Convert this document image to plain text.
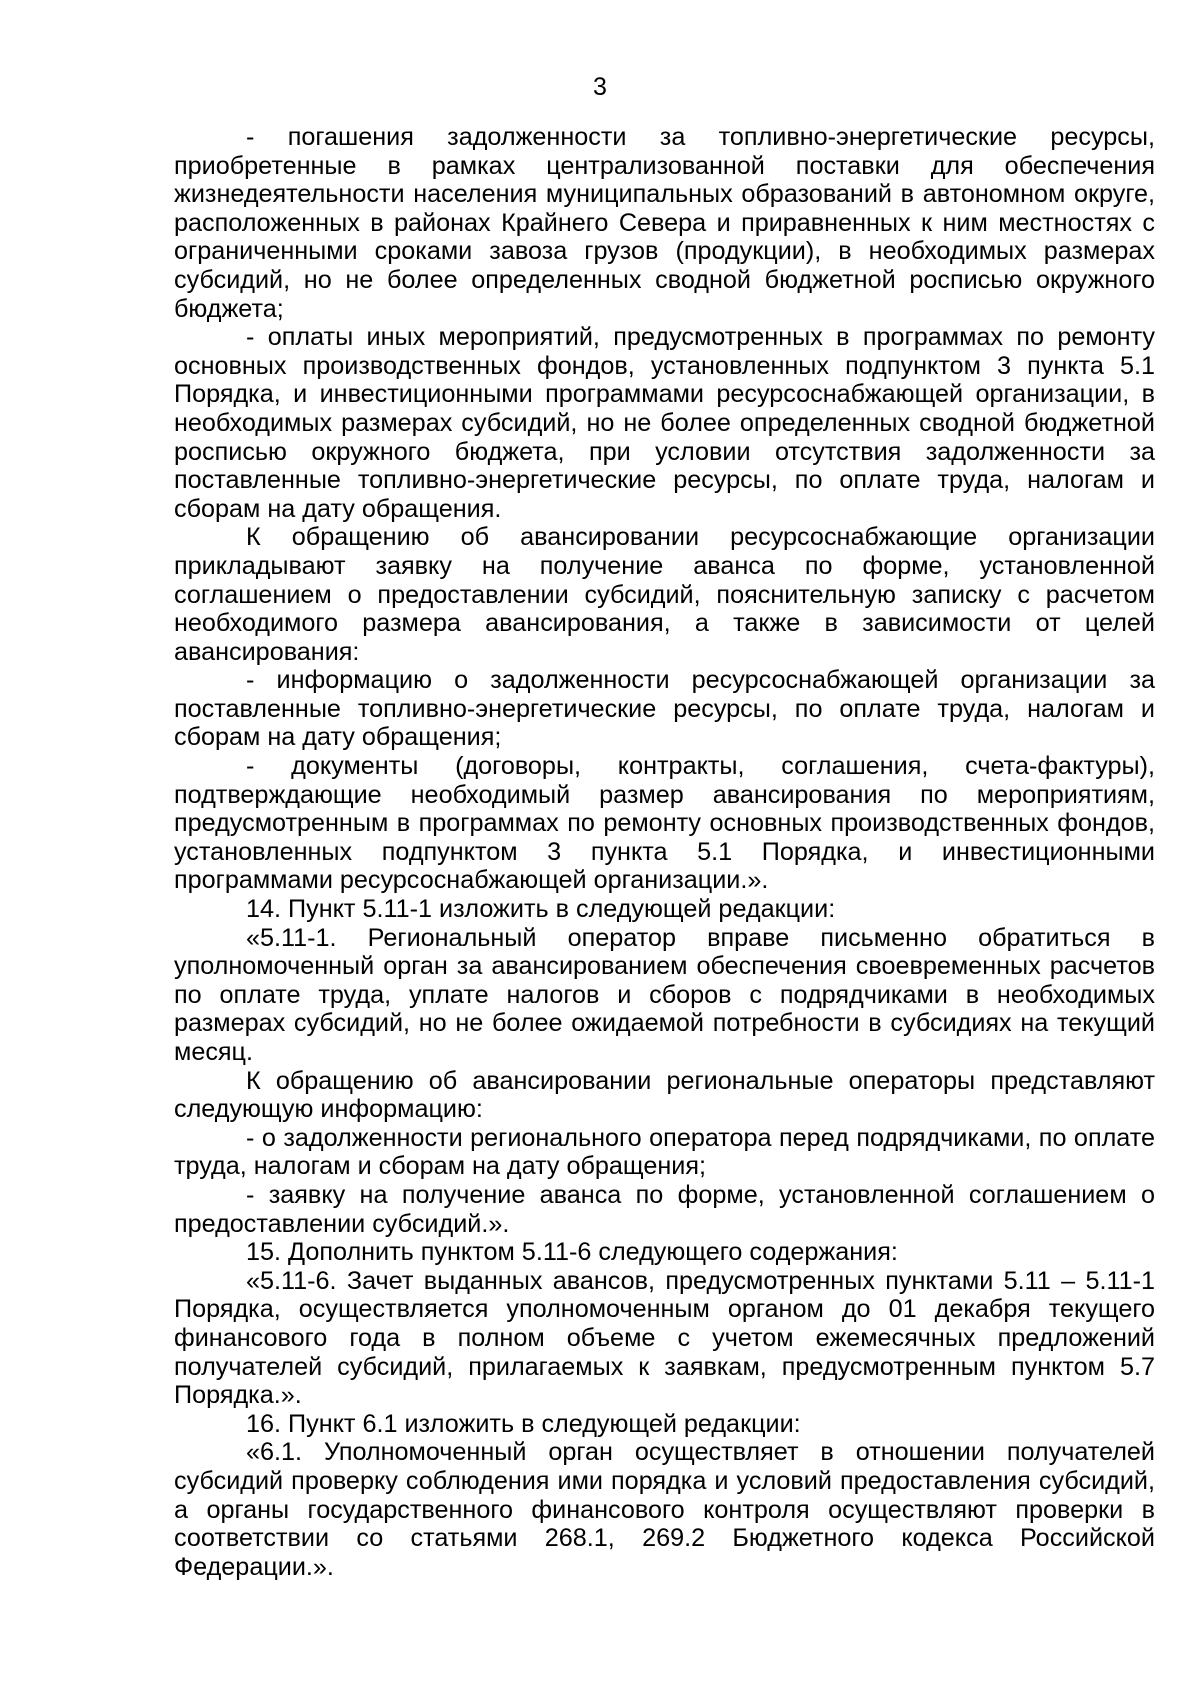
3

- погашения задолженности за топливно-энергетические ресурсы, приобретенные в рамках централизованной поставки для обеспечения жизнедеятельности населения муниципальных образований в автономном округе, расположенных в районах Крайнего Севера и приравненных к ним местностях с ограниченными сроками завоза грузов (продукции), в необходимых размерах субсидий, но не более определенных сводной бюджетной росписью окружного бюджета;

- оплаты иных мероприятий, предусмотренных в программах по ремонту основных производственных фондов, установленных подпунктом 3 пункта 5.1 Порядка, и инвестиционными программами ресурсоснабжающей организации, в необходимых размерах субсидий, но не более определенных сводной бюджетной росписью окружного бюджета, при условии отсутствия задолженности за поставленные топливно-энергетические ресурсы, по оплате труда, налогам и сборам на дату обращения.

К обращению об авансировании ресурсоснабжающие организации прикладывают заявку на получение аванса по форме, установленной соглашением о предоставлении субсидий, пояснительную записку с расчетом необходимого размера авансирования, а также в зависимости от целей авансирования:

- информацию о задолженности ресурсоснабжающей организации за поставленные топливно-энергетические ресурсы, по оплате труда, налогам и сборам на дату обращения;

- документы (договоры, контракты, соглашения, счета-фактуры), подтверждающие необходимый размер авансирования по мероприятиям, предусмотренным в программах по ремонту основных производственных фондов, установленных подпунктом 3 пункта 5.1 Порядка, и инвестиционными программами ресурсоснабжающей организации.».

14. Пункт 5.11-1 изложить в следующей редакции:

«5.11-1. Региональный оператор вправе письменно обратиться в уполномоченный орган за авансированием обеспечения своевременных расчетов по оплате труда, уплате налогов и сборов с подрядчиками в необходимых размерах субсидий, но не более ожидаемой потребности в субсидиях на текущий месяц.

К обращению об авансировании региональные операторы представляют следующую информацию:

- о задолженности регионального оператора перед подрядчиками, по оплате труда, налогам и сборам на дату обращения;

- заявку на получение аванса по форме, установленной соглашением о предоставлении субсидий.».

15. Дополнить пунктом 5.11-6 следующего содержания:

«5.11-6. Зачет выданных авансов, предусмотренных пунктами 5.11 – 5.11-1 Порядка, осуществляется уполномоченным органом до 01 декабря текущего финансового года в полном объеме с учетом ежемесячных предложений получателей субсидий, прилагаемых к заявкам, предусмотренным пунктом 5.7 Порядка.».

16. Пункт 6.1 изложить в следующей редакции:

«6.1. Уполномоченный орган осуществляет в отношении получателей субсидий проверку соблюдения ими порядка и условий предоставления субсидий, а органы государственного финансового контроля осуществляют проверки в соответствии со статьями 268.1, 269.2 Бюджетного кодекса Российской Федерации.».
